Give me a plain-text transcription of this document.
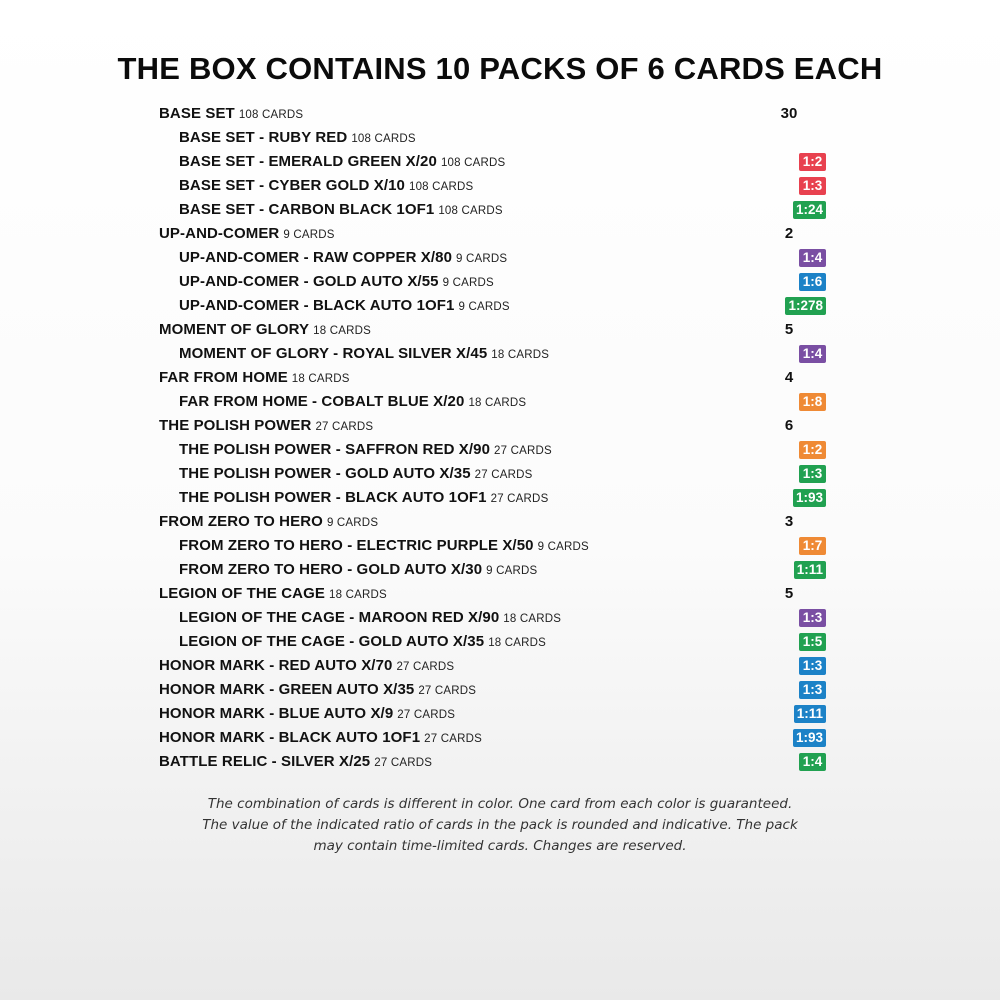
THE BOX CONTAINS 10 PACKS OF 6 CARDS EACH
BASE SET 108 CARDS	30
BASE SET - RUBY RED 108 CARDS
BASE SET - EMERALD GREEN X/20 108 CARDS	1:2
BASE SET - CYBER GOLD X/10 108 CARDS	1:3
BASE SET - CARBON BLACK 1OF1 108 CARDS	1:24
UP-AND-COMER 9 CARDS	2
UP-AND-COMER - RAW COPPER X/80 9 CARDS	1:4
UP-AND-COMER - GOLD AUTO X/55 9 CARDS	1:6
UP-AND-COMER - BLACK AUTO 1OF1 9 CARDS	1:278
MOMENT OF GLORY 18 CARDS	5
MOMENT OF GLORY - ROYAL SILVER X/45 18 CARDS	1:4
FAR FROM HOME 18 CARDS	4
FAR FROM HOME - COBALT BLUE X/20 18 CARDS	1:8
THE POLISH POWER 27 CARDS	6
THE POLISH POWER - SAFFRON RED X/90 27 CARDS	1:2
THE POLISH POWER - GOLD AUTO X/35 27 CARDS	1:3
THE POLISH POWER - BLACK AUTO 1OF1 27 CARDS	1:93
FROM ZERO TO HERO 9 CARDS	3
FROM ZERO TO HERO - ELECTRIC PURPLE X/50 9 CARDS	1:7
FROM ZERO TO HERO - GOLD AUTO X/30 9 CARDS	1:11
LEGION OF THE CAGE 18 CARDS	5
LEGION OF THE CAGE - MAROON RED X/90 18 CARDS	1:3
LEGION OF THE CAGE - GOLD AUTO X/35 18 CARDS	1:5
HONOR MARK - RED AUTO X/70 27 CARDS	1:3
HONOR MARK - GREEN AUTO X/35 27 CARDS	1:3
HONOR MARK - BLUE AUTO X/9 27 CARDS	1:11
HONOR MARK - BLACK AUTO 1OF1 27 CARDS	1:93
BATTLE RELIC - SILVER X/25 27 CARDS	1:4
The combination of cards is different in color. One card from each color is guaranteed.
The value of the indicated ratio of cards in the pack is rounded and indicative. The pack
may contain time-limited cards. Changes are reserved.
